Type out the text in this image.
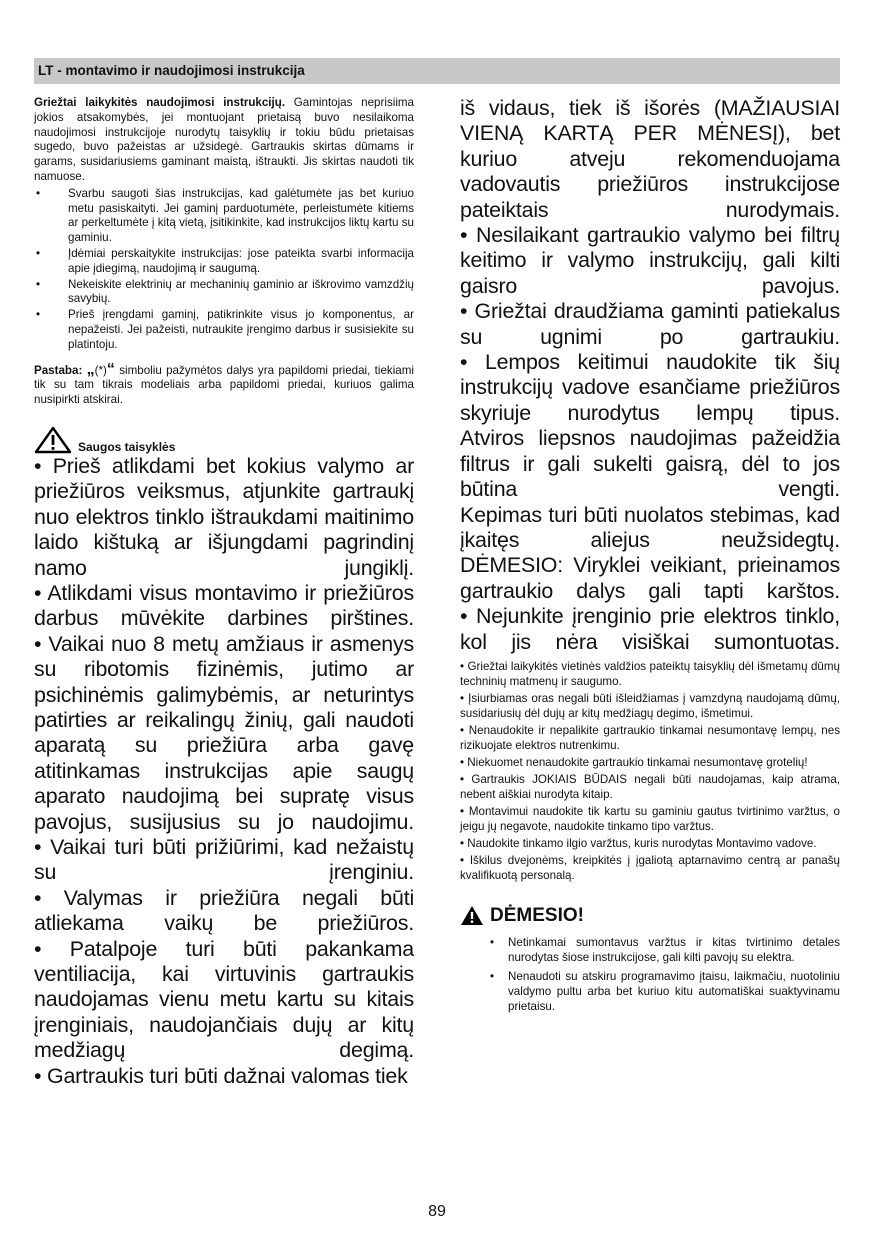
LT - montavimo ir naudojimosi instrukcija

Griežtai laikykitės naudojimosi instrukcijų. Gamintojas neprisiima jokios atsakomybės, jei montuojant prietaisą buvo nesilaikoma naudojimosi instrukcijoje nurodytų taisyklių ir tokiu būdu prietaisas sugedo, buvo pažeistas ar užsidegė. Gartraukis skirtas dūmams ir garams, susidariusiems gaminant maistą, ištraukti. Jis skirtas naudoti tik namuose.

• Svarbu saugoti šias instrukcijas, kad galėtumėte jas bet kuriuo metu pasiskaityti. Jei gaminį parduotumėte, perleistumėte kitiems ar perkeltumėte į kitą vietą, įsitikinkite, kad instrukcijos liktų kartu su gaminiu.
• Įdėmiai perskaitykite instrukcijas: jose pateikta svarbi informacija apie įdiegimą, naudojimą ir saugumą.
• Nekeiskite elektrinių ar mechaninių gaminio ar iškrovimo vamzdžių savybių.
• Prieš įrengdami gaminį, patikrinkite visus jo komponentus, ar nepažeisti. Jei pažeisti, nutraukite įrengimo darbus ir susisiekite su platintoju.

Pastaba: „(*)“ simboliu pažymėtos dalys yra papildomi priedai, tiekiami tik su tam tikrais modeliais arba papildomi priedai, kuriuos galima nusipirkti atskirai.

Saugos taisyklės

• Prieš atlikdami bet kokius valymo ar priežiūros veiksmus, atjunkite gartraukį nuo elektros tinklo ištraukdami maitinimo laido kištuką ar išjungdami pagrindinį namo jungiklį.

• Atlikdami visus montavimo ir priežiūros darbus mūvėkite darbines pirštines.

• Vaikai nuo 8 metų amžiaus ir asmenys su ribotomis fizinėmis, jutimo ar psichinėmis galimybėmis, ar neturintys patirties ar reikalingų žinių, gali naudoti aparatą su priežiūra arba gavę atitinkamas instrukcijas apie saugų aparato naudojimą bei supratę visus pavojus, susijusius su jo naudojimu.

• Vaikai turi būti prižiūrimi, kad nežaistų su įrenginiu.

• Valymas ir priežiūra negali būti atliekama vaikų be priežiūros.

• Patalpoje turi būti pakankama ventiliacija, kai virtuvinis gartraukis naudojamas vienu metu kartu su kitais įrenginiais, naudojančiais dujų ar kitų medžiagų degimą.

• Gartraukis turi būti dažnai valomas tiek

iš vidaus, tiek iš išorės (MAŽIAUSIAI VIENĄ KARTĄ PER MĖNESĮ), bet kuriuo atveju rekomenduojama vadovautis priežiūros instrukcijose pateiktais nurodymais.

• Nesilaikant gartraukio valymo bei filtrų keitimo ir valymo instrukcijų, gali kilti gaisro pavojus.

• Griežtai draudžiama gaminti patiekalus su ugnimi po gartraukiu.

• Lempos keitimui naudokite tik šių instrukcijų vadove esančiame priežiūros skyriuje nurodytus lempų tipus.

Atviros liepsnos naudojimas pažeidžia filtrus ir gali sukelti gaisrą, dėl to jos būtina vengti.

Kepimas turi būti nuolatos stebimas, kad įkaitęs aliejus neužsidegtų.

DĖMESIO: Viryklei veikiant, prieinamos gartraukio dalys gali tapti karštos.

• Nejunkite įrenginio prie elektros tinklo, kol jis nėra visiškai sumontuotas.

• Griežtai laikykitės vietinės valdžios pateiktų taisyklių dėl išmetamų dūmų techninių matmenų ir saugumo.

• Įsiurbiamas oras negali būti išleidžiamas į vamzdyną naudojamą dūmų, susidariusių dėl dujų ar kitų medžiagų degimo, išmetimui.

• Nenaudokite ir nepalikite gartraukio tinkamai nesumontavę lempų, nes rizikuojate elektros nutrenkimu.

• Niekuomet nenaudokite gartraukio tinkamai nesumontavę grotelių!

• Gartraukis JOKIAIS BŪDAIS negali būti naudojamas, kaip atrama, nebent aiškiai nurodyta kitaip.

• Montavimui naudokite tik kartu su gaminiu gautus tvirtinimo varžtus, o jeigu jų negavote, naudokite tinkamo tipo varžtus.

• Naudokite tinkamo ilgio varžtus, kuris nurodytas Montavimo vadove.

• Iškilus dvejonėms, kreipkitės į įgaliotą aptarnavimo centrą ar panašų kvalifikuotą personalą.

DĖMESIO!
• Netinkamai sumontavus varžtus ir kitas tvirtinimo detales nurodytas šiose instrukcijose, gali kilti pavojų su elektra.
• Nenaudoti su atskiru programavimo įtaisu, laikmačiu, nuotoliniu valdymo pultu arba bet kuriuo kitu automatiškai suaktyvinamu prietaisu.
89
